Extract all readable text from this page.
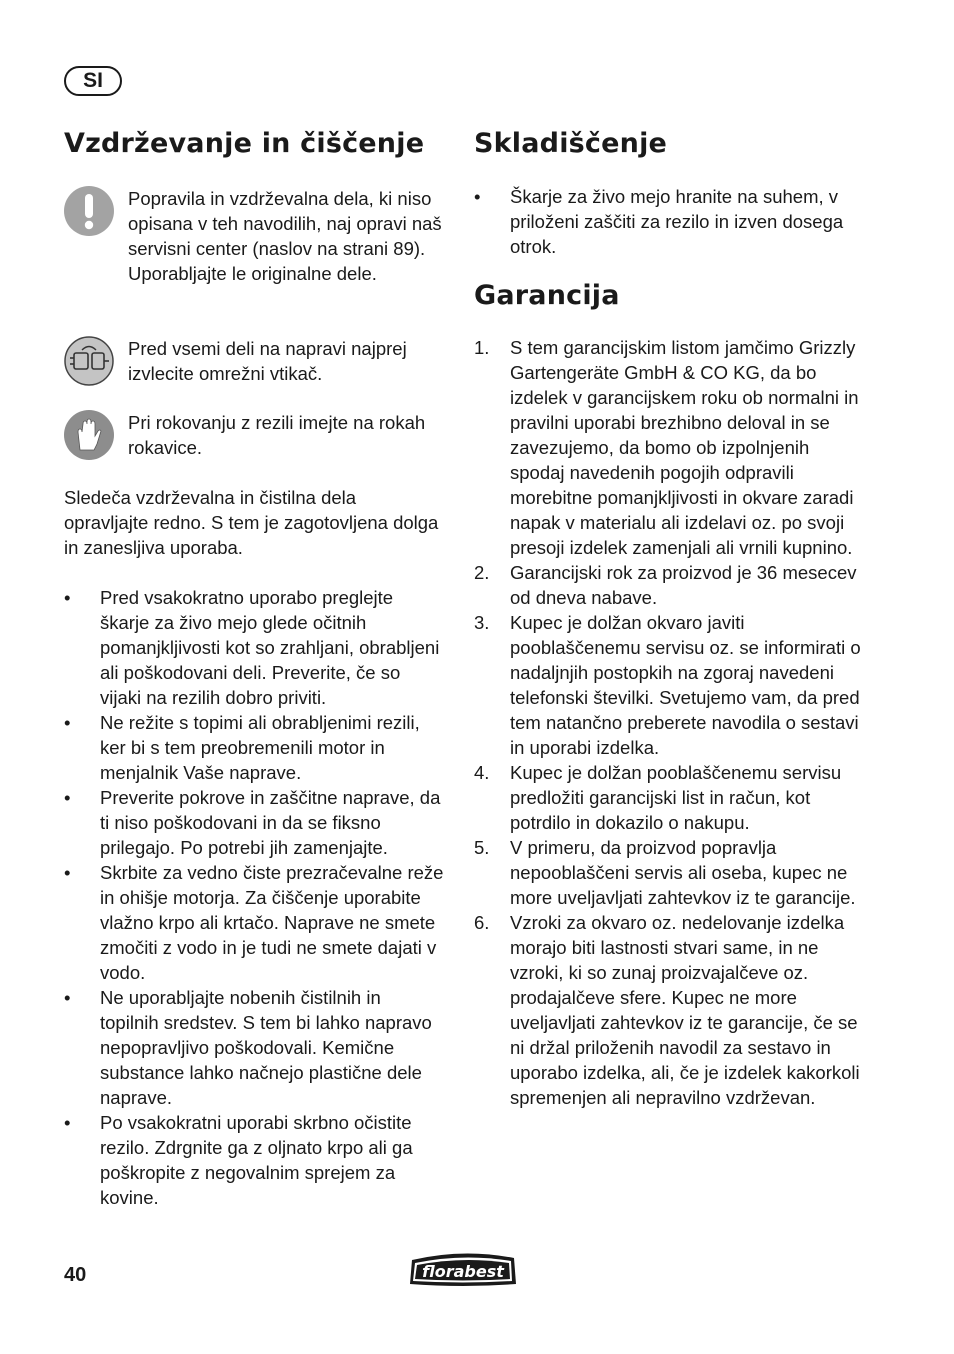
SI
Vzdrževanje in čiščenje

Popravila in vzdrževalna dela, ki niso opisana v teh navodilih, naj opravi naš servisni center (naslov na strani 89). Uporabljajte le originalne dele.

Pred vsemi deli na napravi najprej izvlecite omrežni vtikač.

Pri rokovanju z rezili imejte na rokah rokavice.

Sledeča vzdrževalna in čistilna dela opravljajte redno. S tem je zagotovljena dolga in zanesljiva uporaba.

• Pred vsakokratno uporabo preglejte škarje za živo mejo glede očitnih pomanjkljivosti kot so zrahljani, obrabljeni ali poškodovani deli. Preverite, če so vijaki na rezilih dobro priviti.
• Ne režite s topimi ali obrabljenimi rezili, ker bi s tem preobremenili motor in menjalnik Vaše naprave.
• Preverite pokrove in zaščitne naprave, da ti niso poškodovani in da se fiksno prilegajo. Po potrebi jih zamenjajte.
• Skrbite za vedno čiste prezračevalne reže in ohišje motorja. Za čiščenje uporabite vlažno krpo ali krtačo. Naprave ne smete zmočiti z vodo in je tudi ne smete dajati v vodo.
• Ne uporabljajte nobenih čistilnih in topilnih sredstev. S tem bi lahko napravo nepopravljivo poškodovali. Kemične substance lahko načnejo plastične dele naprave.
• Po vsakokratni uporabi skrbno očistite rezilo. Zdrgnite ga z oljnato krpo ali ga poškropite z negovalnim sprejem za kovine.
Skladiščenje
• Škarje za živo mejo hranite na suhem, v priloženi zaščiti za rezilo in izven dosega otrok.
Garancija
1. S tem garancijskim listom jamčimo Grizzly Gartengeräte GmbH & CO KG, da bo izdelek v garancijskem roku ob normalni in pravilni uporabi brezhibno deloval in se zavezujemo, da bomo ob izpolnjenih spodaj navedenih pogojih odpravili morebitne pomanjkljivosti in okvare zaradi napak v materialu ali izdelavi oz. po svoji presoji izdelek zamenjali ali vrnili kupnino.
2. Garancijski rok za proizvod je 36 mesecev od dneva nabave.
3. Kupec je dolžan okvaro javiti pooblaščenemu servisu oz. se informirati o nadaljnjih postopkih na zgoraj navedeni telefonski številki. Svetujemo vam, da pred tem natančno preberete navodila o sestavi in uporabi izdelka.
4. Kupec je dolžan pooblaščenemu servisu predložiti garancijski list in račun, kot potrdilo in dokazilo o nakupu.
5. V primeru, da proizvod popravlja nepooblaščeni servis ali oseba, kupec ne more uveljavljati zahtevkov iz te garancije.
6. Vzroki za okvaro oz. nedelovanje izdelka morajo biti lastnosti stvari same, in ne vzroki, ki so zunaj proizvajalčeve oz. prodajalčeve sfere. Kupec ne more uveljavljati zahtevkov iz te garancije, če se ni držal priloženih navodil za sestavo in uporabo izdelka, ali, če je izdelek kakorkoli spremenjen ali nepravilno vzdrževan.
40	florabest
